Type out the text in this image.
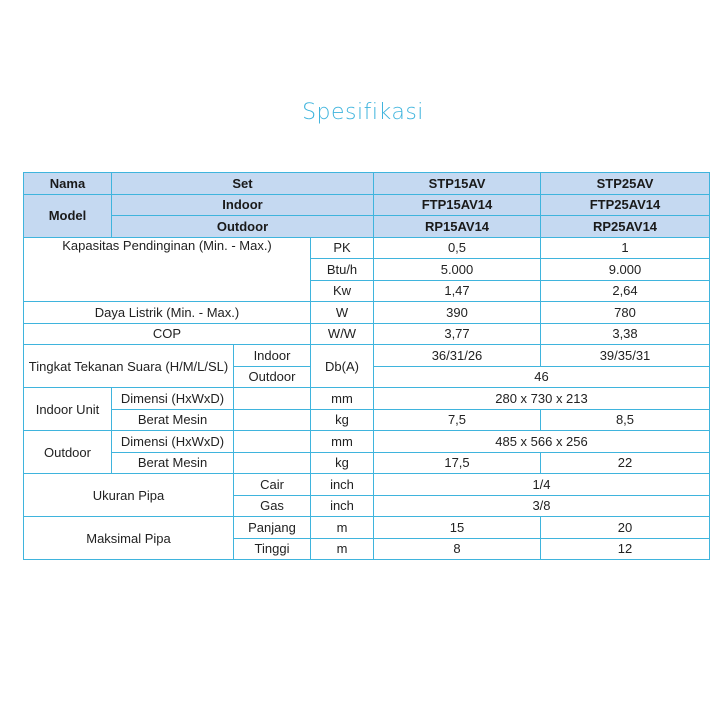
Spesifikasi
Nama	Set			STP15AV	STP25AV
Model	Indoor			FTP15AV14	FTP25AV14
	Outdoor			RP15AV14	RP25AV14
Kapasitas Pendinginan (Min. - Max.)			PK	0,5	1
			Btu/h	5.000	9.000
			Kw	1,47	2,64
Daya Listrik (Min. - Max.)			W	390	780
COP			W/W	3,77	3,38
Tingkat Tekanan Suara (H/M/L/SL)		Indoor	Db(A)	36/31/26	39/35/31
		Outdoor		46	
Indoor Unit	Dimensi (HxWxD)		mm	280 x 730 x 213	
	Berat Mesin		kg	7,5	8,5
Outdoor	Dimensi (HxWxD)		mm	485 x 566 x 256	
	Berat Mesin		kg	17,5	22
Ukuran Pipa		Cair	inch	1/4	
		Gas	inch	3/8	
Maksimal Pipa		Panjang	m	15	20
		Tinggi	m	8	12
